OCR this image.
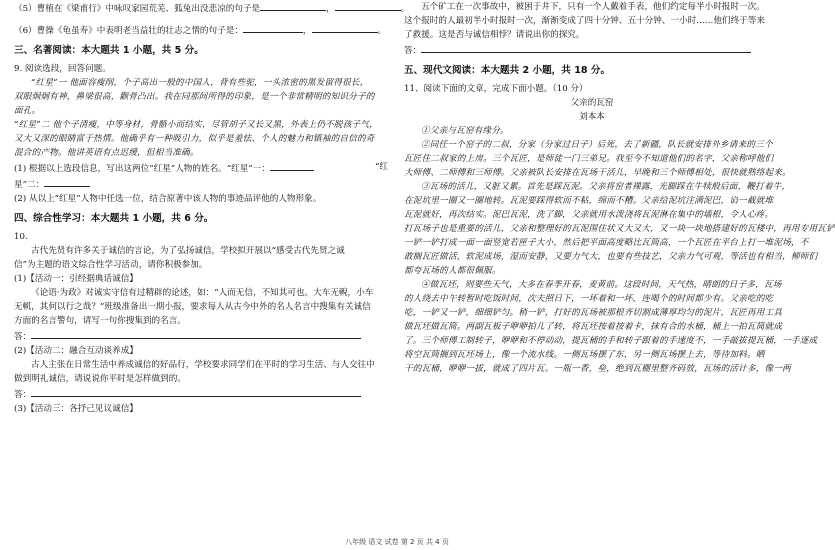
（5）曹植在《梁甫行》中咏叹家园荒芜、狐兔出没悲凉的句子是	，	。
（6）曹操《龟虽寿》中表明老当益壮的壮志之情的句子是：	，	。
三、名著阅读：本大题共 1 小题，共 5 分。
9. 阅读选段，回答问题。
“红星”一 他面容瘦削，个子高出一般的中国人，背有些驼，一头浓密的黑发留得很长，
双眼炯炯有神，鼻梁很高，颧骨凸出。我在同那间所得的印象，是一个非常精明的知识分子的
面孔。
“红星”二 他个子清瘦，中等身材，骨骼小而结实，尽管胡子又长又黑，外表上仍不脱孩子气，
又大又深的眼睛富于热情。他确乎有一种吸引力，似乎是羞怯、个人的魅力和镇袖的自信的奇
混合的产物。他讲英语有点迟缓，但相当准确。
(1) 根据以上选段信息，写出这两位“红星”人物的姓名。“红星”一：	“红
星”二：
(2) 从以上“红星”人物中任选一位，结合原著中该人物的事迹品评他的人物形象。
四、综合性学习：本大题共 1 小题，共 6 分。
10.
古代先贤有许多关于诚信的言论，为了弘扬诚信，学校拟开展以“感受古代先贤之诚
信”为主题的语文综合性学习活动，请你积极参加。
(1)【活动一：引经据典话诚信】
《论语·为政》对诚实守信有过精辟的论述，如：“人而无信，不知其可也。大车无輗，小车
无軏，其何以行之哉？”班级准备出一期小报，要求每人从古今中外的名人名言中搜集有关诚信
方面的名言警句，请写一句你搜集到的名言。
答：
(2)【活动二：融合互动谈养成】
古人主张在日常生活中养成诚信的好品行，学校要求同学们在平时的学习生活、与人交往中
做到明礼诚信，请说说你平时是怎样做到的。
答：
(3)【活动三：各抒己见议诚信】
五个矿工在一次事故中，被困于井下，只有一个人戴着手表，他们约定每半小时报时一次。
这个报时的人最初半小时报时一次，渐渐变成了四十分钟、五十分钟、一小时……他们终于等来
了救援。这是否与诚信相悖？请说出你的探究。
答：
五、现代文阅读：本大题共 2 小题，共 18 分。
11、阅读下面的文章，完成下面小题。（10 分）
父亲的瓦窑
刘本本
①父亲与瓦窑有缘分。
②同任一个窑子的二叔，分家（分家过日子）后死，去了新疆，队长就安排外乡请来的三个
瓦匠住二叔家的上房。三个瓦匠，是师徒一门三弟兄。我至今不知道他们的名字，父亲称呼他们
大师傅、二师傅和三师傅。父亲被队长安排在瓦场干活儿，早晚和三个师傅相处，很快就熟络起来。
③瓦场的活儿，又脏又累。首先是踩瓦泥。父亲将窑者裸露，光脚踩在牛犊般后面，鞭打着牛，
在泥坑里一圈又一圈地转。瓦泥要踩得软而不粘，绵而不糟。父亲给泥坑注满泥巴，谄一截就堆
瓦泥就好，再次结实。泥巴瓦泥，洗了脚，父亲就用水泼浇将瓦泥淋在集中的墙根，令人心疼。
打瓦场子也是重要的活儿，父亲和整理好的瓦泥围住状又大又大，又一块一块地搭建好的瓦楼中，再用专用瓦铲
一铲一铲打成一面一面竖宽若匣子大小，然后把平面高度略比瓦筒高，一个瓦匠在平台上打一堆泥场，不
敢搁瓦匠做活，软泥成场，湿而安静，又要力气大，也要有些技艺，父亲力气可观，等活也有相当，柳师们
都夸瓦场的人都很佩服。
④做瓦坯，则要些天气，大多在春季开春，麦黄前。这段时间，天气热，晴朗的日子多，瓦场
的人绕去中午转暂时吃饭时间，次夫照日下，一坏着和一坏，连喝个的时间都少有。父亲吃的吃
吃，一铲又一铲，细细铲匀。稍一铲，打好的瓦场被那根齐切割成薄厚均匀的泥片，瓦匠再用工具
做瓦坯做瓦筒。两副瓦板子咿咿拍儿了转，将瓦坯按着按着卡，抹有合的水桶，桶上一拍瓦筒就成
了。三个师傅工制转子，咿咿和不停动动，提瓦桶的手和转子跟着的手速度不，一手敲拔提瓦桶，一手逐成
将空瓦筒搁到瓦坯场上，像一个流水线。一侧瓦场摆了东，另一侧瓦场摆上去，等待加料。晒
干的瓦桶，咿咿一拔，就成了四片瓦。一瓶一香，垒，绝到瓦棚里整齐码放，瓦场的活计多，像一两
八年级 语文 试卷 第 2 页 共 4 页
